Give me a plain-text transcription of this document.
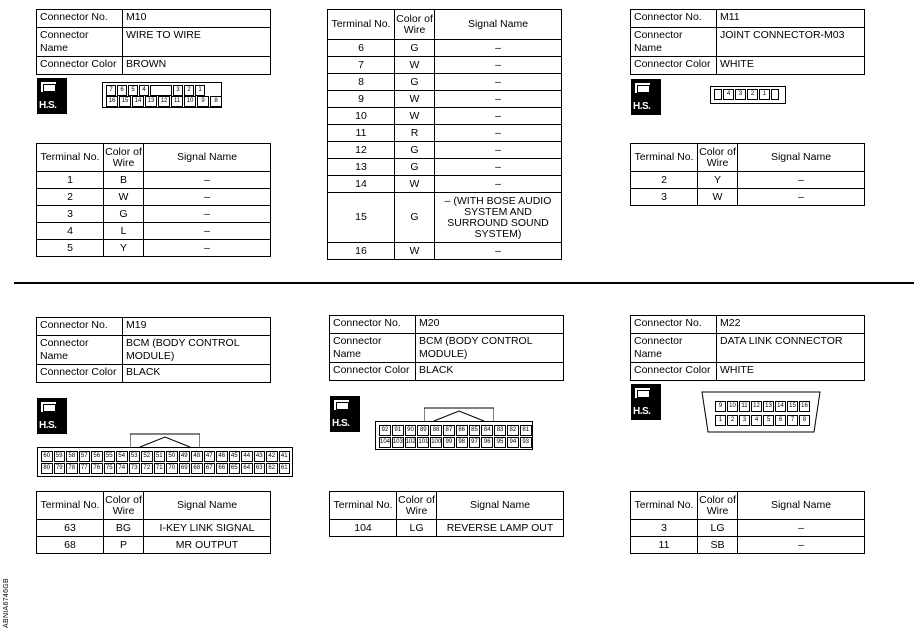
Connector No.	M10
Connector Name	WIRE TO WIRE
Connector Color	BROWN
H.S.
7	6	5	4	3	2	1
16	15	14	13	12	11	10	9	8
Terminal No.	Color of Wire	Signal Name
1	B	–
2	W	–
3	G	–
4	L	–
5	Y	–
Terminal No.	Color of Wire	Signal Name
6	G	–
7	W	–
8	G	–
9	W	–
10	W	–
11	R	–
12	G	–
13	G	–
14	W	–
15	G	– (WITH BOSE AUDIO SYSTEM AND SURROUND SOUND SYSTEM)
16	W	–
Connector No.	M11
Connector Name	JOINT CONNECTOR-M03
Connector Color	WHITE
H.S.
4	3	2	1
Terminal No.	Color of Wire	Signal Name
2	Y	–
3	W	–
Connector No.	M19
Connector Name	BCM (BODY CONTROL MODULE)
Connector Color	BLACK
H.S.
60 59 58 57 56 55 54 53 52 51 50 49 48 47 46 45 44 43 42 41
80 79 78 77 76 75 74 73 72 71 70 69 68 67 66 65 64 63 62 61
Terminal No.	Color of Wire	Signal Name
63	BG	I-KEY LINK SIGNAL
68	P	MR OUTPUT
Connector No.	M20
Connector Name	BCM (BODY CONTROL MODULE)
Connector Color	BLACK
H.S.
92	91	90	89	88	87	86	85	84	83	82	81
104 103 102 101 100 99	98	97	96	95	94	93
Terminal No.	Color of Wire	Signal Name
104	LG	REVERSE LAMP OUT
Connector No.	M22
Connector Name	DATA LINK CONNECTOR
Connector Color	WHITE
H.S.	9	10 11 12 13 14 15 16
1	2	3	4	5	6	7	8
Terminal No.	Color of Wire	Signal Name
3	LG	–
11	SB	–
ABNIA6746GB
